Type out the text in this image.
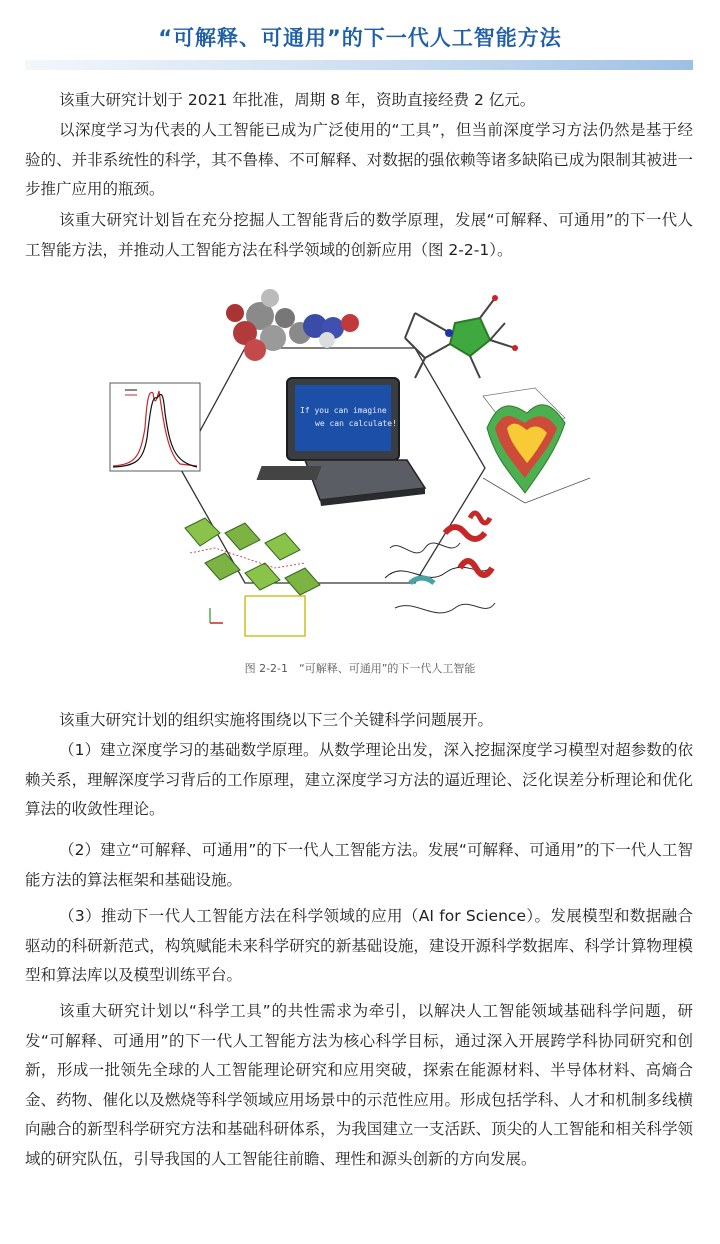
“可解释、可通用”的下一代人工智能方法

该重大研究计划于 2021 年批准，周期 8 年，资助直接经费 2 亿元。

以深度学习为代表的人工智能已成为广泛使用的“工具”，但当前深度学习方法仍然是基于经验的、并非系统性的科学，其不鲁棒、不可解释、对数据的强依赖等诸多缺陷已成为限制其被进一步推广应用的瓶颈。

该重大研究计划旨在充分挖掘人工智能背后的数学原理，发展“可解释、可通用”的下一代人工智能方法，并推动人工智能方法在科学领域的创新应用（图 2-2-1）。

If you can imagine
we can calculate!
图 2-2-1　“可解释、可通用”的下一代人工智能

该重大研究计划的组织实施将围绕以下三个关键科学问题展开。

（1）建立深度学习的基础数学原理。从数学理论出发，深入挖掘深度学习模型对超参数的依赖关系，理解深度学习背后的工作原理，建立深度学习方法的逼近理论、泛化误差分析理论和优化算法的收敛性理论。

（2）建立“可解释、可通用”的下一代人工智能方法。发展“可解释、可通用”的下一代人工智能方法的算法框架和基础设施。

（3）推动下一代人工智能方法在科学领域的应用（AI for Science）。发展模型和数据融合驱动的科研新范式，构筑赋能未来科学研究的新基础设施，建设开源科学数据库、科学计算物理模型和算法库以及模型训练平台。

该重大研究计划以“科学工具”的共性需求为牵引，以解决人工智能领域基础科学问题，研发“可解释、可通用”的下一代人工智能方法为核心科学目标，通过深入开展跨学科协同研究和创新，形成一批领先全球的人工智能理论研究和应用突破，探索在能源材料、半导体材料、高熵合金、药物、催化以及燃烧等科学领域应用场景中的示范性应用。形成包括学科、人才和机制多线横向融合的新型科学研究方法和基础科研体系，为我国建立一支活跃、顶尖的人工智能和相关科学领域的研究队伍，引导我国的人工智能往前瞻、理性和源头创新的方向发展。
